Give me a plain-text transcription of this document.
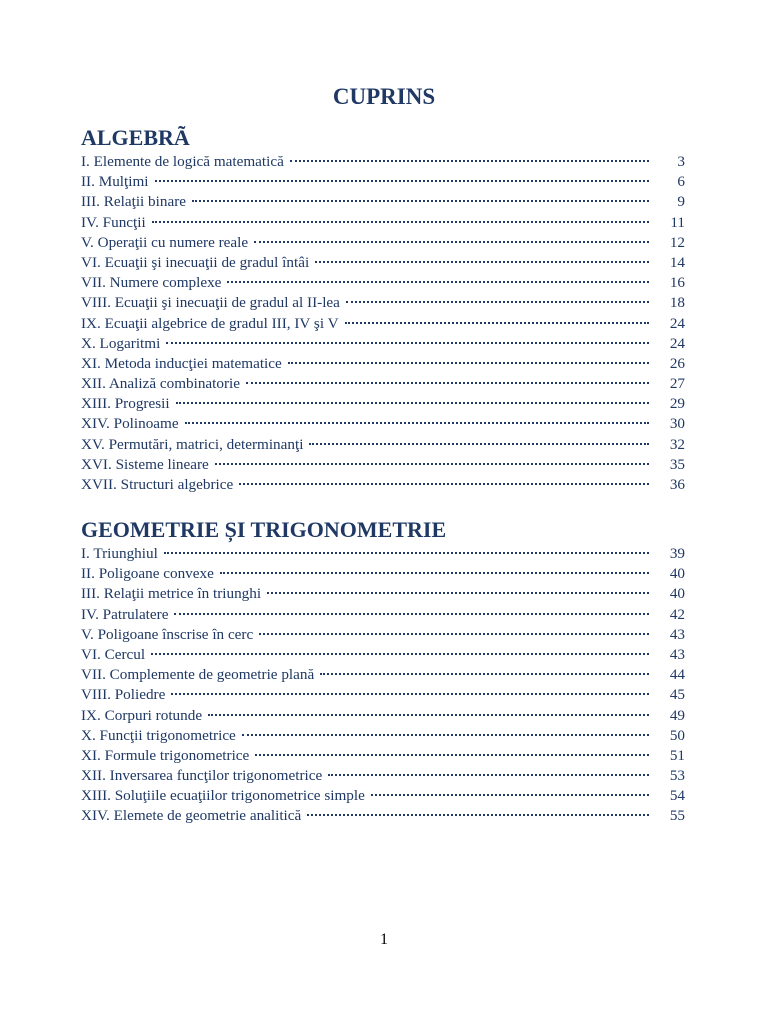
CUPRINS
ALGEBRÃ
I. Elemente de logică matematică	3
II. Mulţimi	6
III. Relaţii binare	9
IV. Funcţii	11
V. Operaţii cu numere reale	12
VI. Ecuaţii şi inecuaţii de gradul întâi	14
VII. Numere complexe	16
VIII. Ecuaţii şi inecuaţii de gradul al II-lea	18
IX. Ecuaţii algebrice de gradul III, IV şi V	24
X. Logaritmi	24
XI. Metoda inducţiei matematice	26
XII. Analiză combinatorie	27
XIII. Progresii	29
XIV. Polinoame	30
XV. Permutări, matrici, determinanţi	32
XVI. Sisteme lineare	35
XVII. Structuri algebrice	36
GEOMETRIE ȘI TRIGONOMETRIE
I. Triunghiul	39
II. Poligoane convexe	40
III. Relaţii metrice în triunghi	40
IV. Patrulatere	42
V. Poligoane înscrise în cerc	43
VI. Cercul	43
VII. Complemente de geometrie plană	44
VIII. Poliedre	45
IX. Corpuri rotunde	49
X. Funcţii trigonometrice	50
XI. Formule trigonometrice	51
XII. Inversarea funcţilor trigonometrice	53
XIII. Soluţiile ecuaţiilor trigonometrice simple	54
XIV. Elemete de geometrie analitică	55
1
